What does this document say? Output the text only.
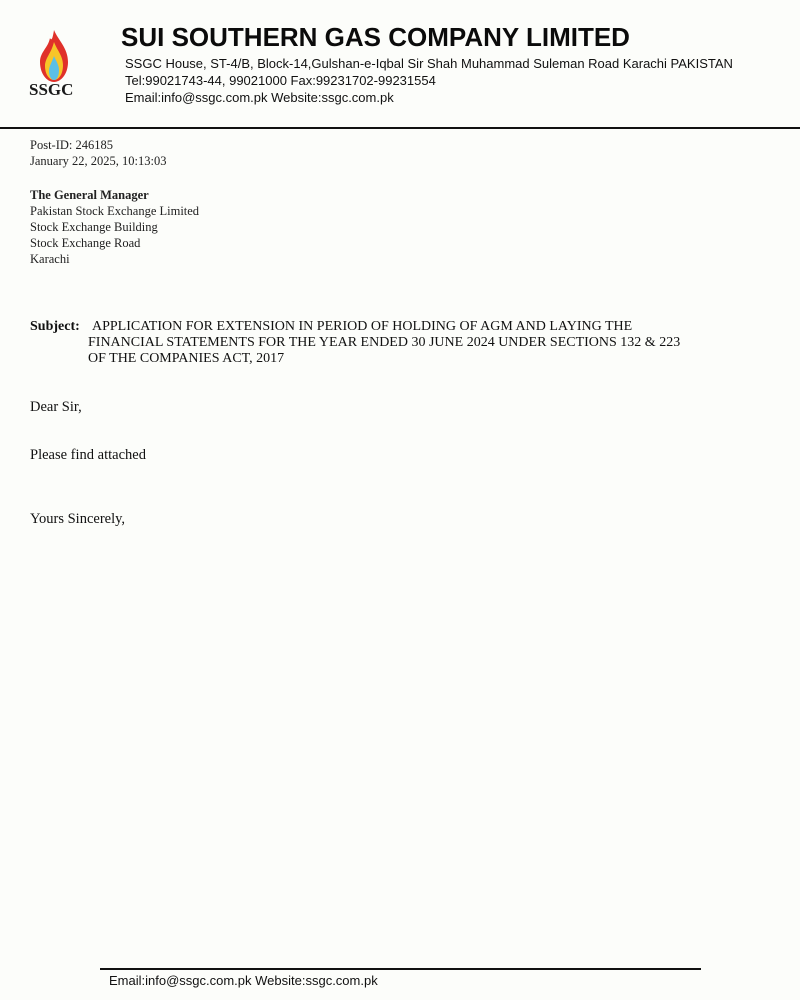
SSGC
SUI SOUTHERN GAS COMPANY LIMITED
SSGC House, ST-4/B, Block-14,Gulshan-e-Iqbal Sir Shah Muhammad Suleman Road Karachi PAKISTAN
Tel:99021743-44, 99021000 Fax:99231702-99231554
Email:info@ssgc.com.pk Website:ssgc.com.pk
Post-ID: 246185
January 22, 2025, 10:13:03
The General Manager
Pakistan Stock Exchange Limited
Stock Exchange Building
Stock Exchange Road
Karachi
Subject: APPLICATION FOR EXTENSION IN PERIOD OF HOLDING OF AGM AND LAYING THE FINANCIAL STATEMENTS FOR THE YEAR ENDED 30 JUNE 2024 UNDER SECTIONS 132 & 223 OF THE COMPANIES ACT, 2017
Dear Sir,
Please find attached
Yours Sincerely,
Email:info@ssgc.com.pk Website:ssgc.com.pk
